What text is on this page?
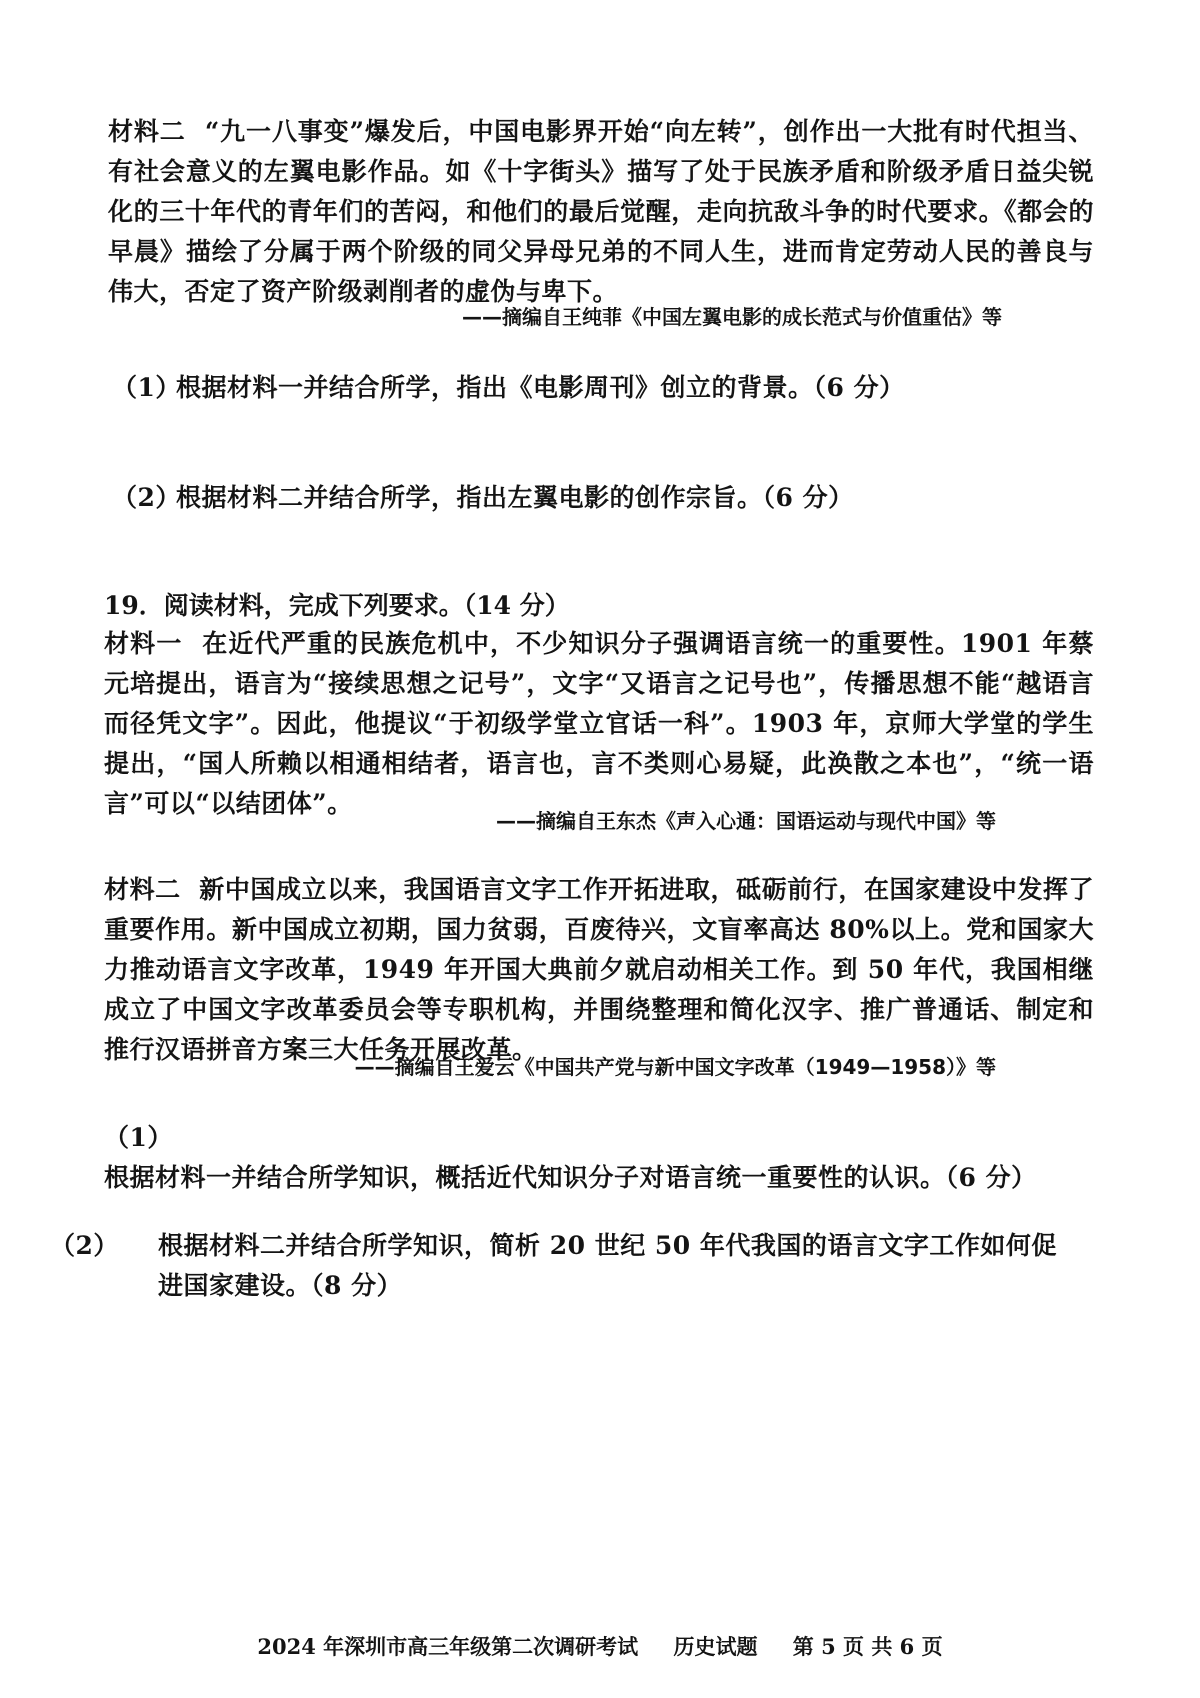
材料二 “九一八事变”爆发后，中国电影界开始“向左转”，创作出一大批有时代担当、有社会意义的左翼电影作品。如《十字街头》描写了处于民族矛盾和阶级矛盾日益尖锐化的三十年代的青年们的苦闷，和他们的最后觉醒，走向抗敌斗争的时代要求。《都会的早晨》描绘了分属于两个阶级的同父异母兄弟的不同人生，进而肯定劳动人民的善良与伟大，否定了资产阶级剥削者的虚伪与卑下。
——摘编自王纯菲《中国左翼电影的成长范式与价值重估》等
（1）根据材料一并结合所学，指出《电影周刊》创立的背景。（6 分）
（2）根据材料二并结合所学，指出左翼电影的创作宗旨。（6 分）
19．阅读材料，完成下列要求。（14 分）
材料一 在近代严重的民族危机中，不少知识分子强调语言统一的重要性。1901 年蔡元培提出，语言为“接续思想之记号”，文字“又语言之记号也”，传播思想不能“越语言而径凭文字”。因此，他提议“于初级学堂立官话一科”。1903 年，京师大学堂的学生提出，“国人所赖以相通相结者，语言也，言不类则心易疑，此涣散之本也”，“统一语言”可以“以结团体”。
——摘编自王东杰《声入心通：国语运动与现代中国》等
材料二 新中国成立以来，我国语言文字工作开拓进取，砥砺前行，在国家建设中发挥了重要作用。新中国成立初期，国力贫弱，百废待兴，文盲率高达 80%以上。党和国家大力推动语言文字改革，1949 年开国大典前夕就启动相关工作。到 50 年代，我国相继成立了中国文字改革委员会等专职机构，并围绕整理和简化汉字、推广普通话、制定和推行汉语拼音方案三大任务开展改革。
——摘编自王爱云《中国共产党与新中国文字改革（1949—1958）》等
（1）根据材料一并结合所学知识，概括近代知识分子对语言统一重要性的认识。（6 分）
（2） 根据材料二并结合所学知识，简析 20 世纪 50 年代我国的语言文字工作如何促进国家建设。（8 分）
2024 年深圳市高三年级第二次调研考试 历史试题 第 5 页 共 6 页
